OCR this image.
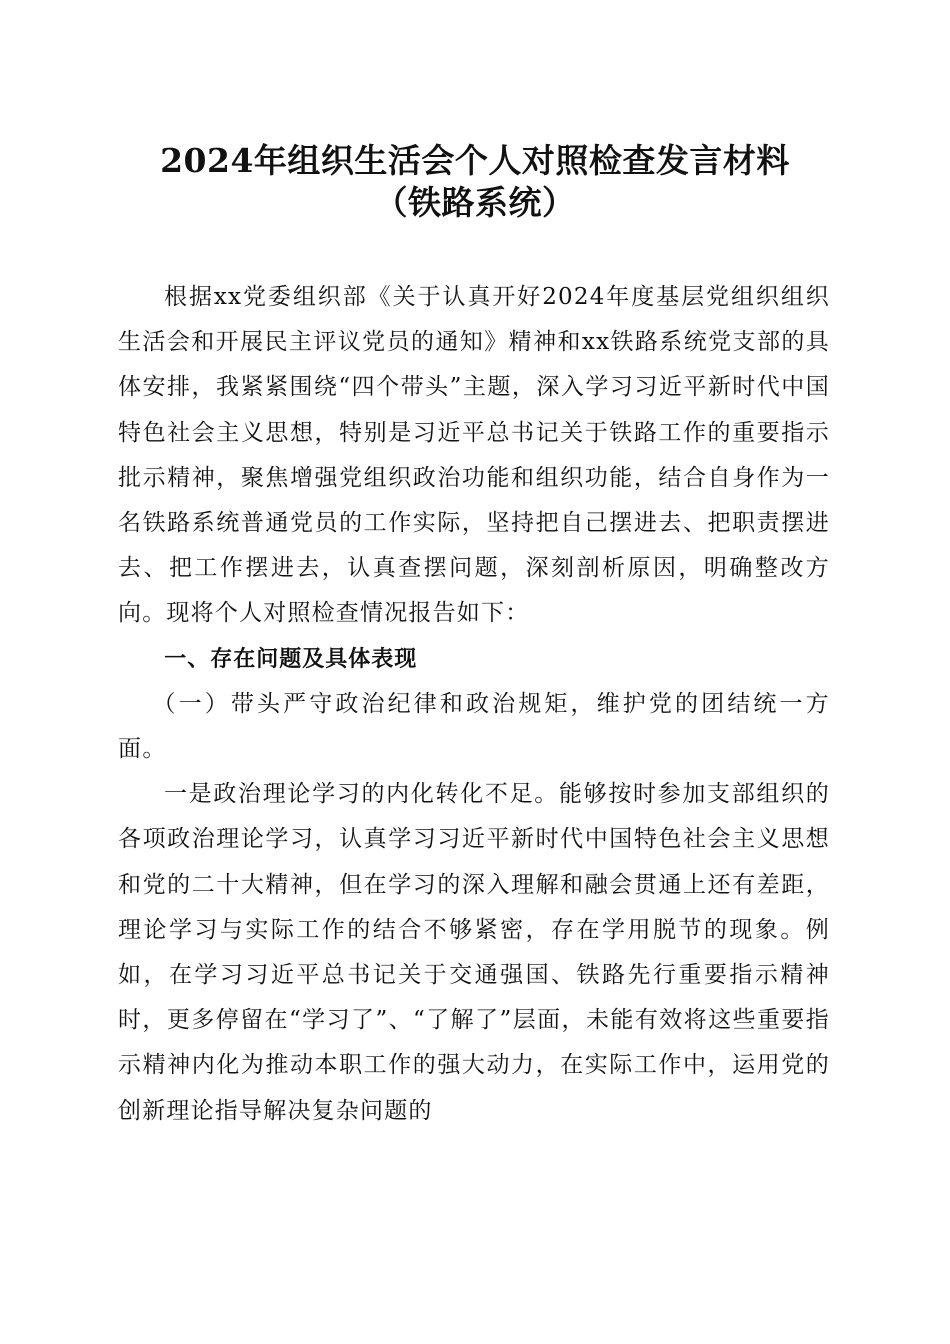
2024年组织生活会个人对照检查发言材料
（铁路系统）

根据xx党委组织部《关于认真开好2024年度基层党组织组织生活会和开展民主评议党员的通知》精神和xx铁路系统党支部的具体安排，我紧紧围绕“四个带头”主题，深入学习习近平新时代中国特色社会主义思想，特别是习近平总书记关于铁路工作的重要指示批示精神，聚焦增强党组织政治功能和组织功能，结合自身作为一名铁路系统普通党员的工作实际，坚持把自己摆进去、把职责摆进去、把工作摆进去，认真查摆问题，深刻剖析原因，明确整改方向。现将个人对照检查情况报告如下：

一、存在问题及具体表现

（一）带头严守政治纪律和政治规矩，维护党的团结统一方面。

一是政治理论学习的内化转化不足。能够按时参加支部组织的各项政治理论学习，认真学习习近平新时代中国特色社会主义思想和党的二十大精神，但在学习的深入理解和融会贯通上还有差距，理论学习与实际工作的结合不够紧密，存在学用脱节的现象。例如，在学习习近平总书记关于交通强国、铁路先行重要指示精神时，更多停留在“学习了”、“了解了”层面，未能有效将这些重要指示精神内化为推动本职工作的强大动力，在实际工作中，运用党的创新理论指导解决复杂问题的
